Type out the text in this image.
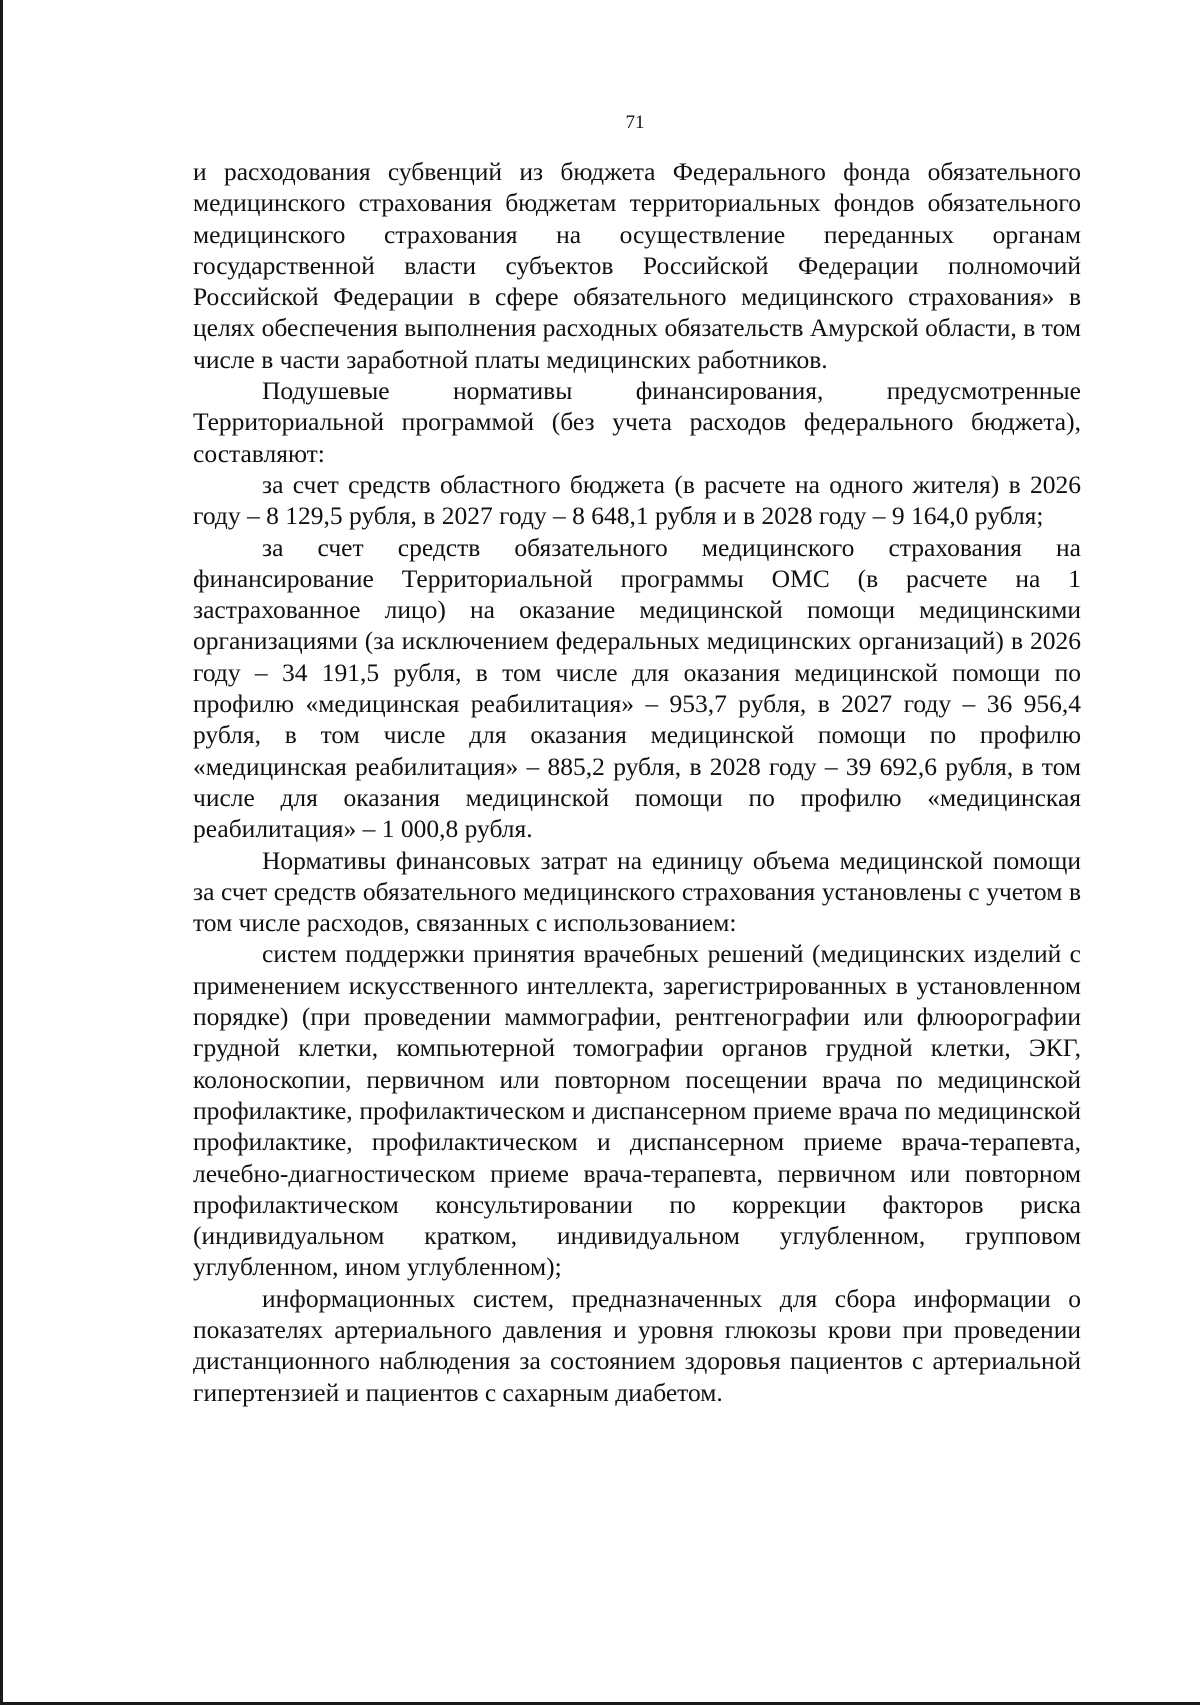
71

и расходования субвенций из бюджета Федерального фонда обязательного медицинского страхования бюджетам территориальных фондов обязательного медицинского страхования на осуществление переданных органам государственной власти субъектов Российской Федерации полномочий Российской Федерации в сфере обязательного медицинского страхования» в целях обеспечения выполнения расходных обязательств Амурской области, в том числе в части заработной платы медицинских работников.

Подушевые нормативы финансирования, предусмотренные Территориальной программой (без учета расходов федерального бюджета), составляют:

за счет средств областного бюджета (в расчете на одного жителя) в 2026 году – 8 129,5 рубля, в 2027 году – 8 648,1 рубля и в 2028 году – 9 164,0 рубля;

за счет средств обязательного медицинского страхования на финансирование Территориальной программы ОМС (в расчете на 1 застрахованное лицо) на оказание медицинской помощи медицинскими организациями (за исключением федеральных медицинских организаций) в 2026 году – 34 191,5 рубля, в том числе для оказания медицинской помощи по профилю «медицинская реабилитация» – 953,7 рубля, в 2027 году – 36 956,4 рубля, в том числе для оказания медицинской помощи по профилю «медицинская реабилитация» – 885,2 рубля, в 2028 году – 39 692,6 рубля, в том числе для оказания медицинской помощи по профилю «медицинская реабилитация» – 1 000,8 рубля.

Нормативы финансовых затрат на единицу объема медицинской помощи за счет средств обязательного медицинского страхования установлены с учетом в том числе расходов, связанных с использованием:

систем поддержки принятия врачебных решений (медицинских изделий с применением искусственного интеллекта, зарегистрированных в установленном порядке) (при проведении маммографии, рентгенографии или флюорографии грудной клетки, компьютерной томографии органов грудной клетки, ЭКГ, колоноскопии, первичном или повторном посещении врача по медицинской профилактике, профилактическом и диспансерном приеме врача по медицинской профилактике, профилактическом и диспансерном приеме врача-терапевта, лечебно-диагностическом приеме врача-терапевта, первичном или повторном профилактическом консультировании по коррекции факторов риска (индивидуальном кратком, индивидуальном углубленном, групповом углубленном, ином углубленном);

информационных систем, предназначенных для сбора информации о показателях артериального давления и уровня глюкозы крови при проведении дистанционного наблюдения за состоянием здоровья пациентов с артериальной гипертензией и пациентов с сахарным диабетом.
